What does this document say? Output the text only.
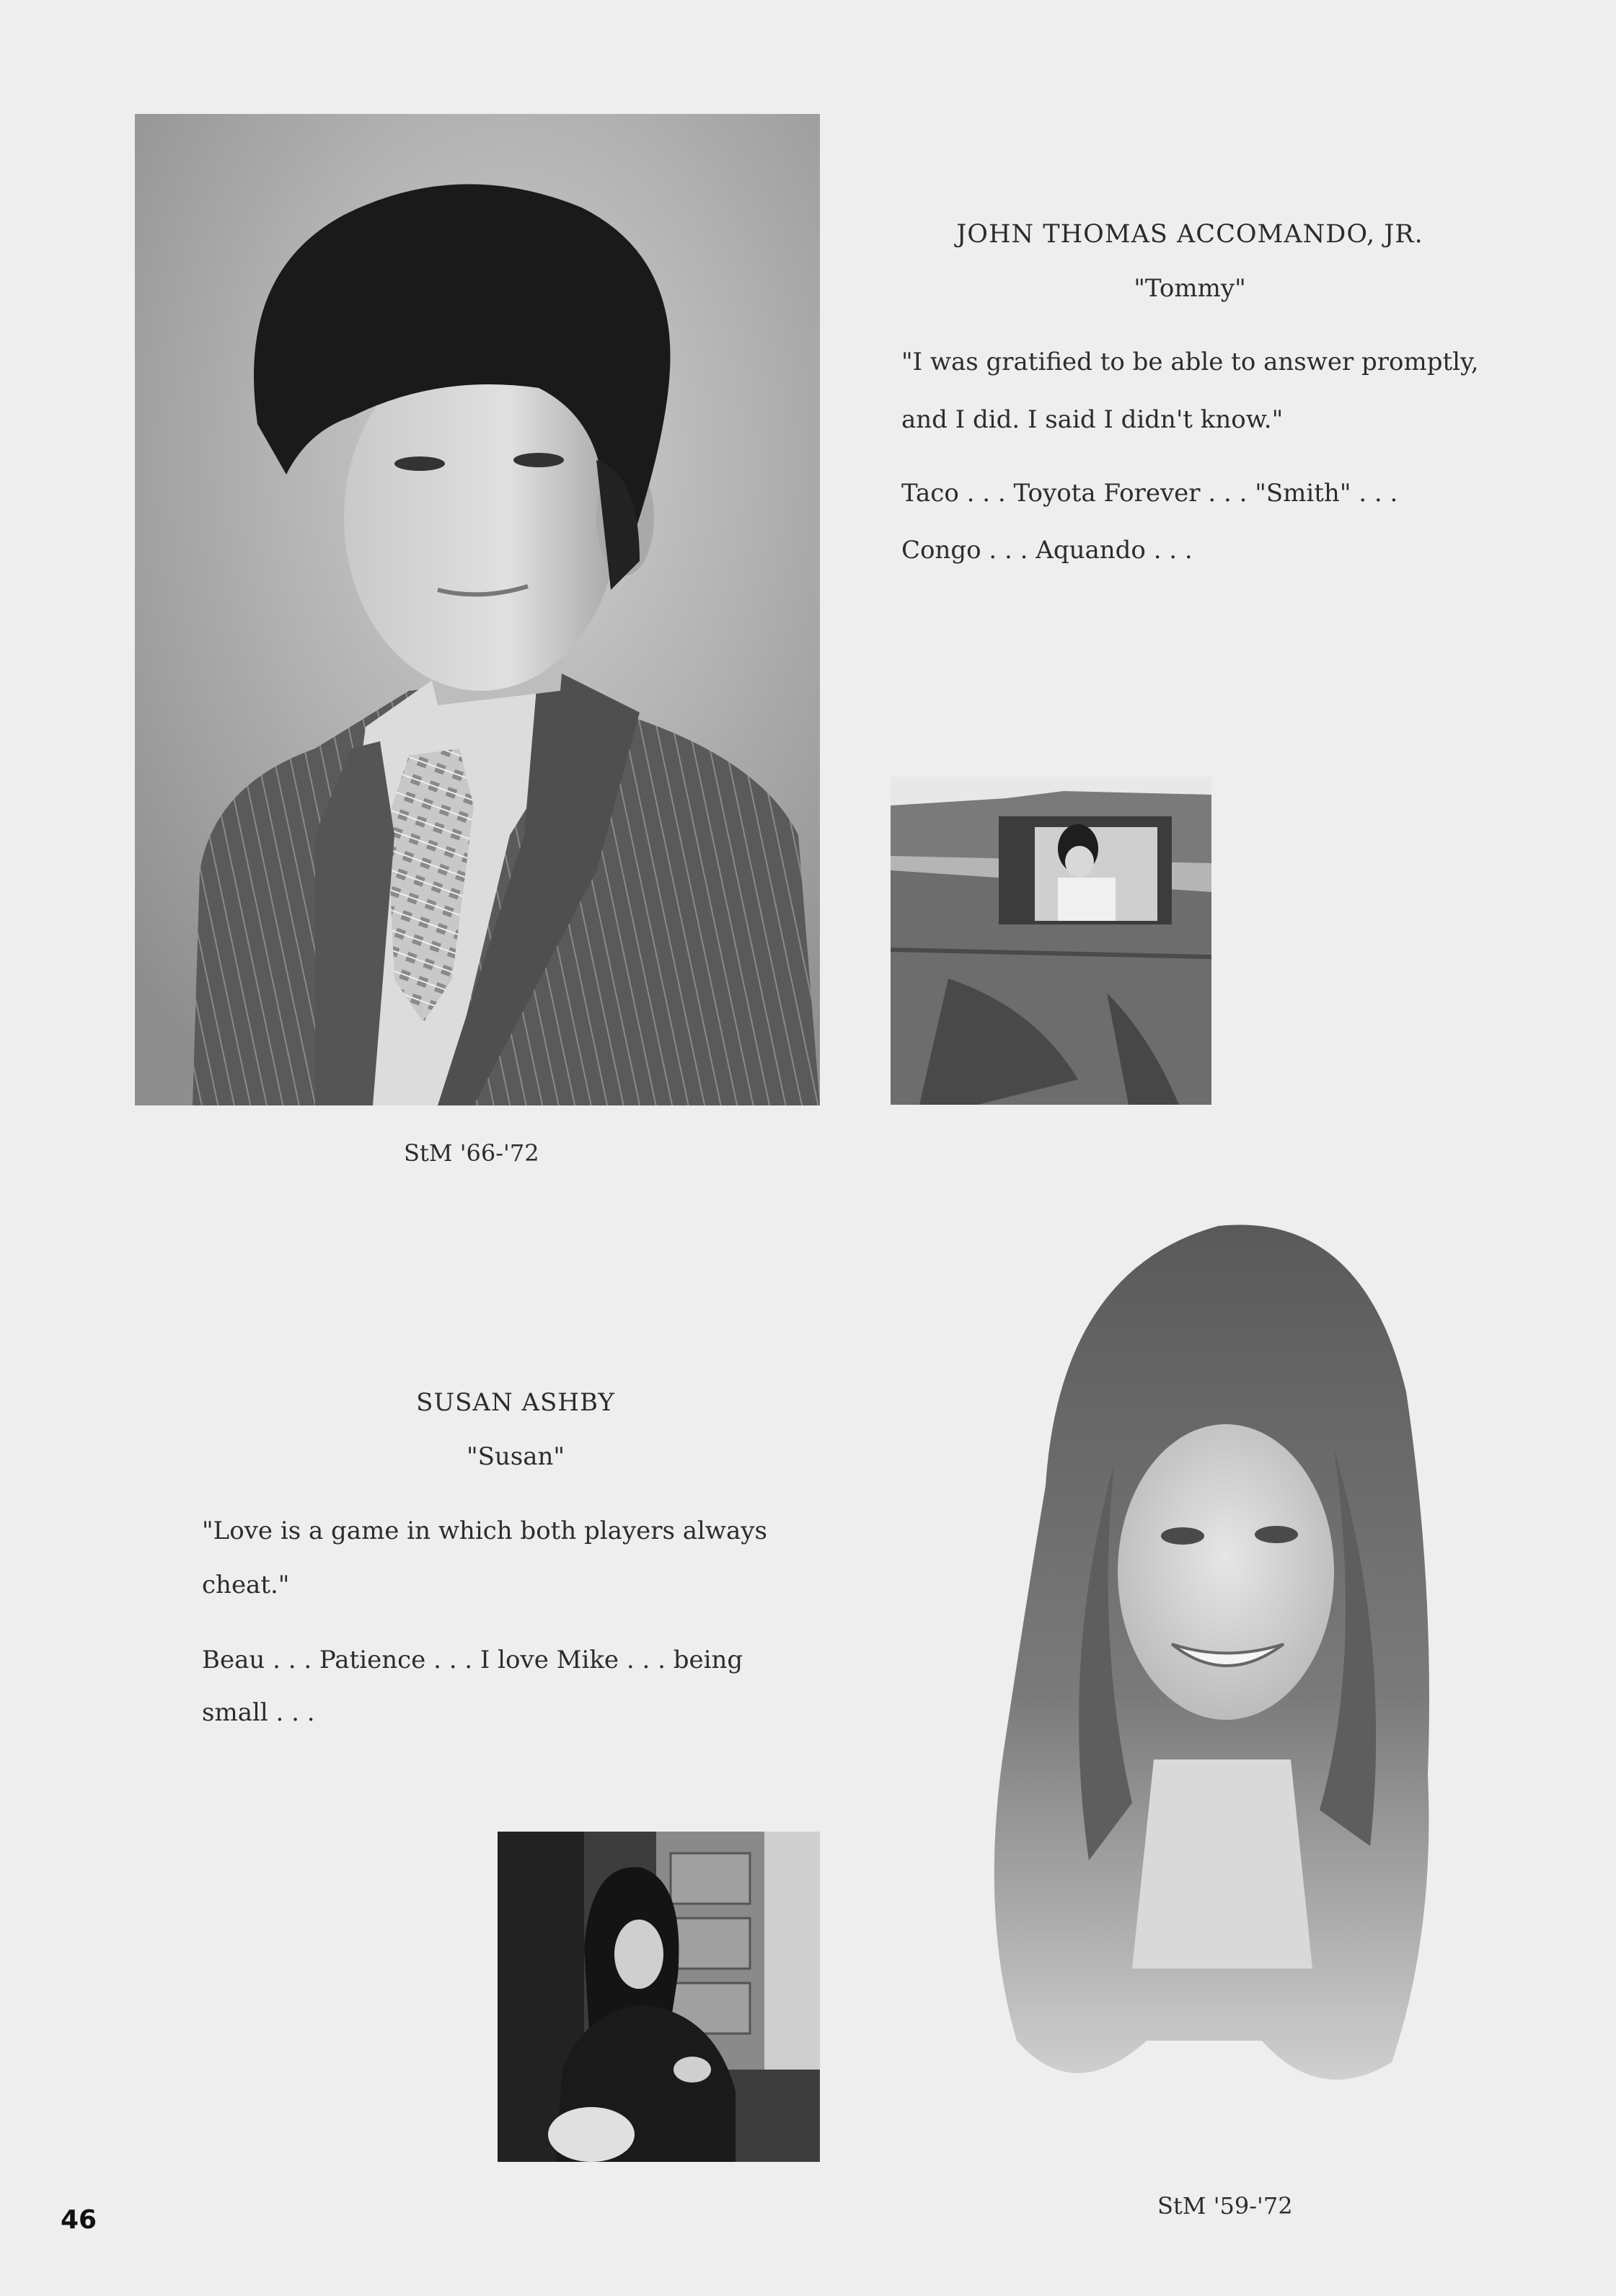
JOHN THOMAS ACCOMANDO, JR.
"Tommy"
"I was gratified to be able to answer promptly,
and I did. I said I didn't know."
Taco . . . Toyota Forever . . . "Smith" . . .
Congo . . . Aquando . . .
StM '66-'72
SUSAN ASHBY
"Susan"
"Love is a game in which both players always
cheat."
Beau . . . Patience . . . I love Mike . . . being
small . . .
StM '59-'72
46
